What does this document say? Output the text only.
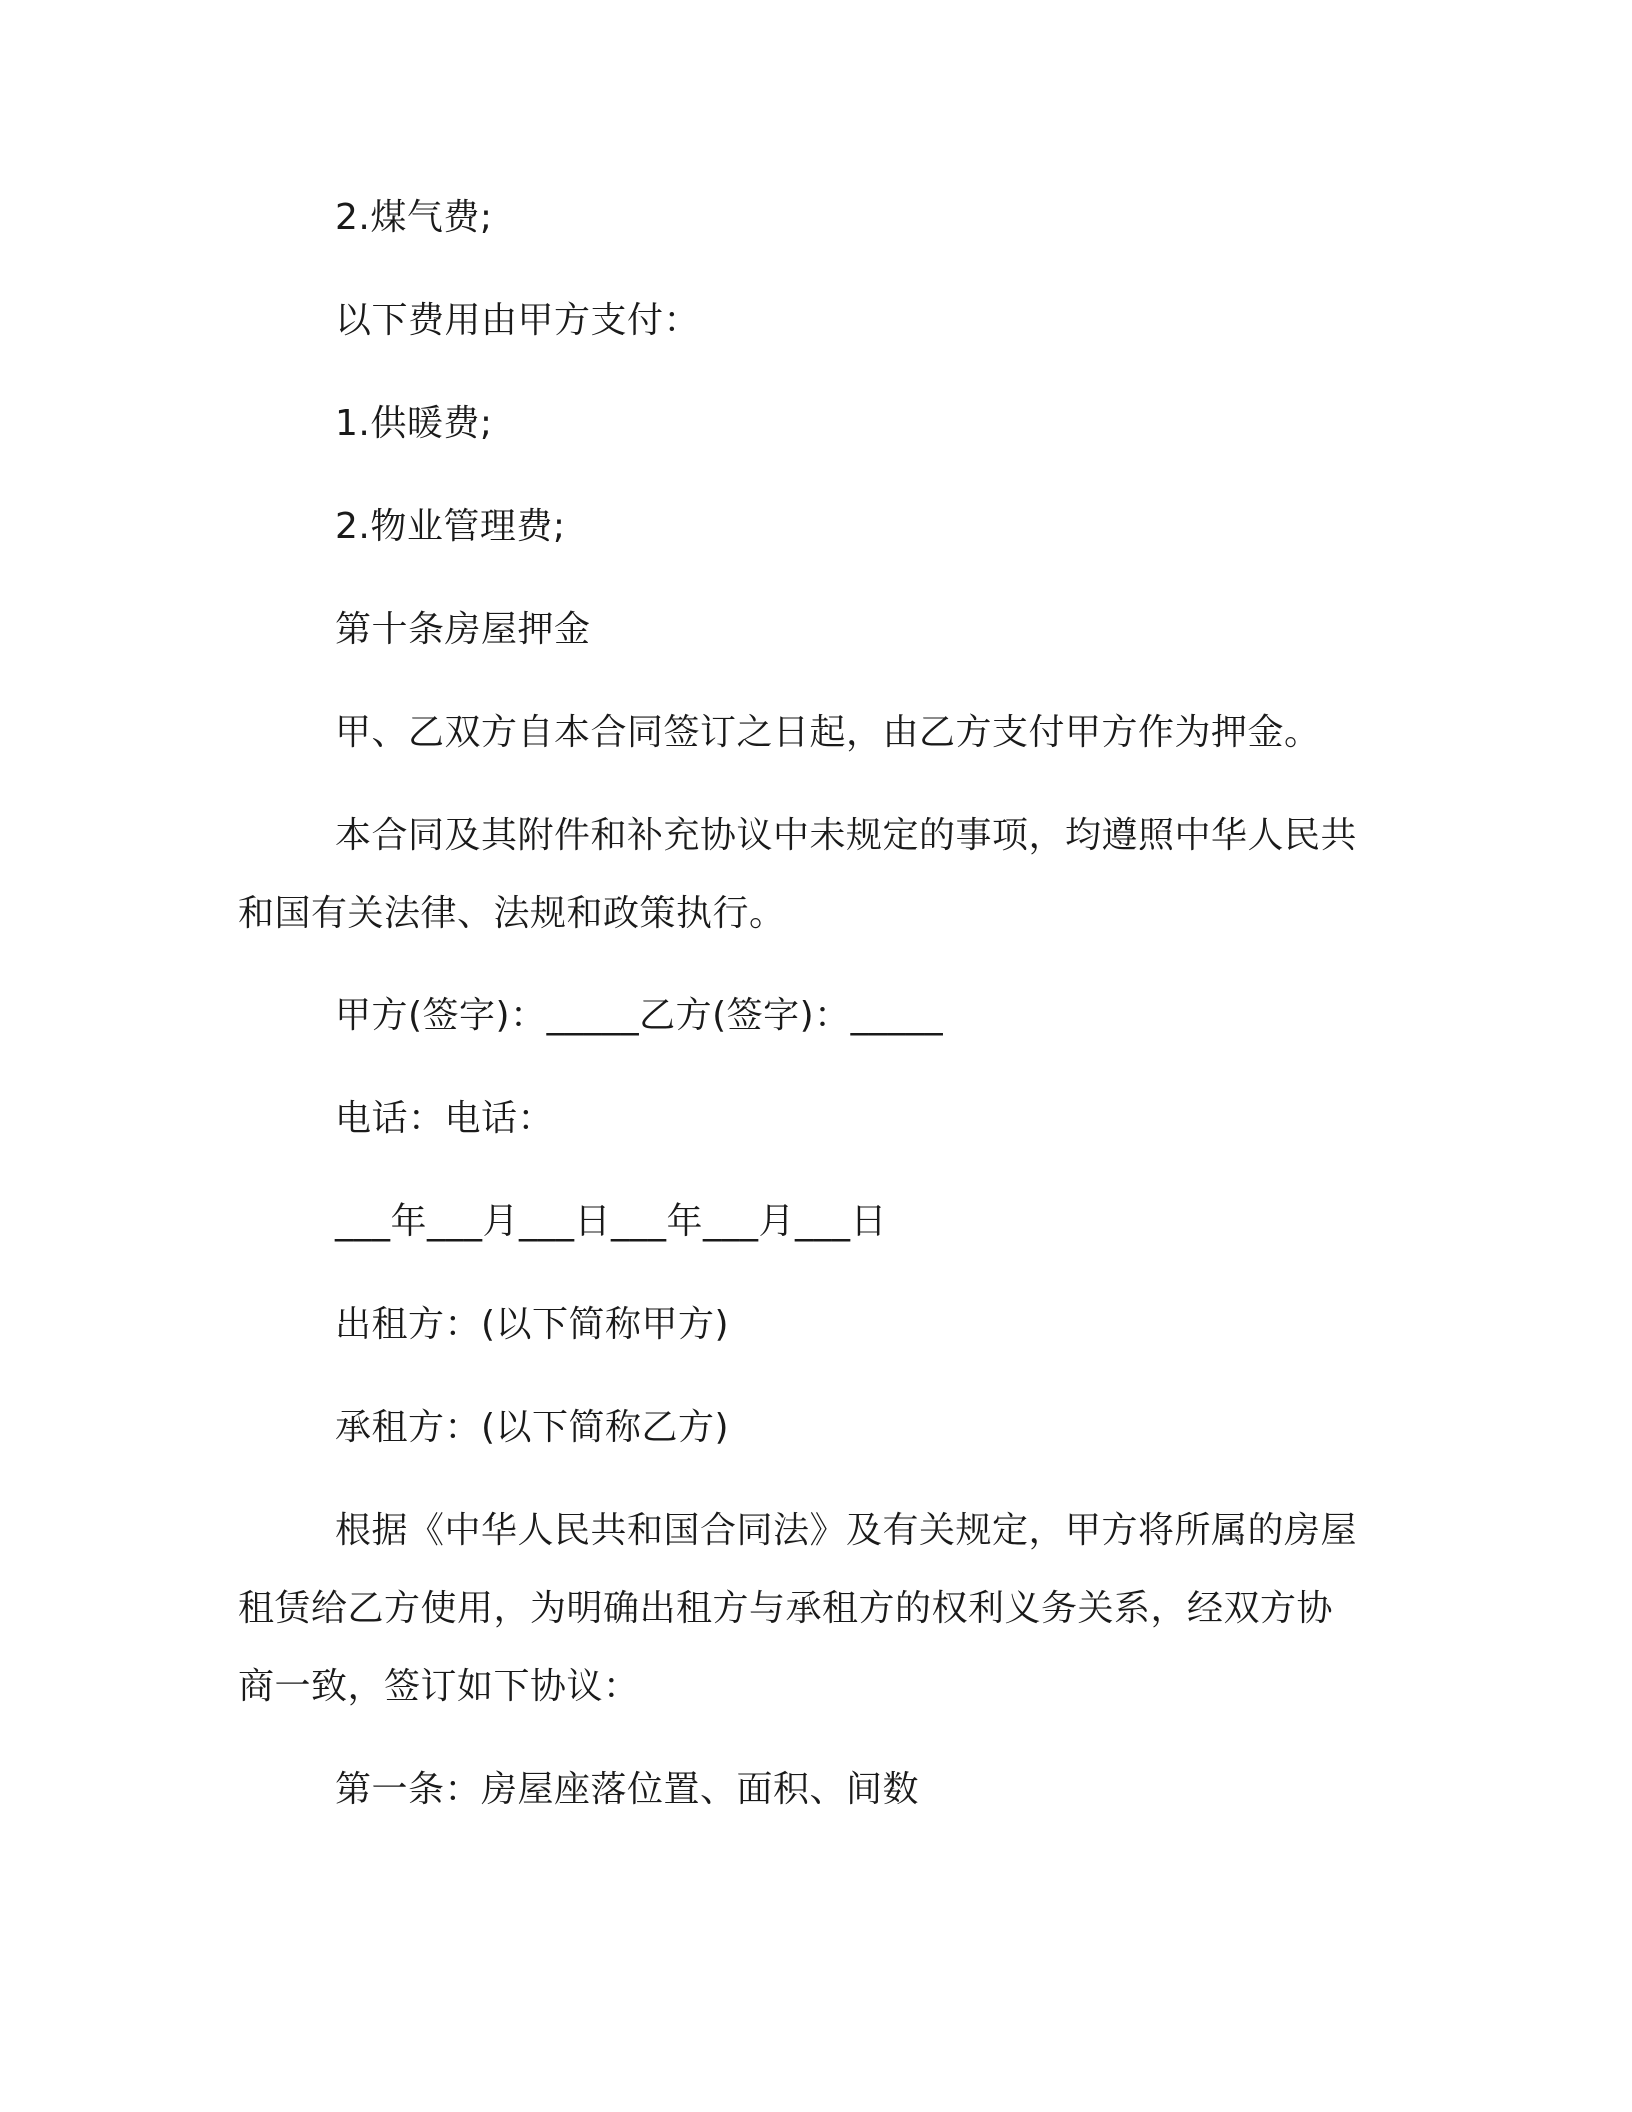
2.煤气费;
以下费用由甲方支付：
1.供暖费;
2.物业管理费;
第十条房屋押金
甲、乙双方自本合同签订之日起，由乙方支付甲方作为押金。
本合同及其附件和补充协议中未规定的事项，均遵照中华人民共
和国有关法律、法规和政策执行。
甲方(签字)：_____乙方(签字)：_____
电话：电话：
___年___月___日___年___月___日
出租方：(以下简称甲方)
承租方：(以下简称乙方)
根据《中华人民共和国合同法》及有关规定，甲方将所属的房屋
租赁给乙方使用，为明确出租方与承租方的权利义务关系，经双方协
商一致，签订如下协议：
第一条：房屋座落位置、面积、间数
